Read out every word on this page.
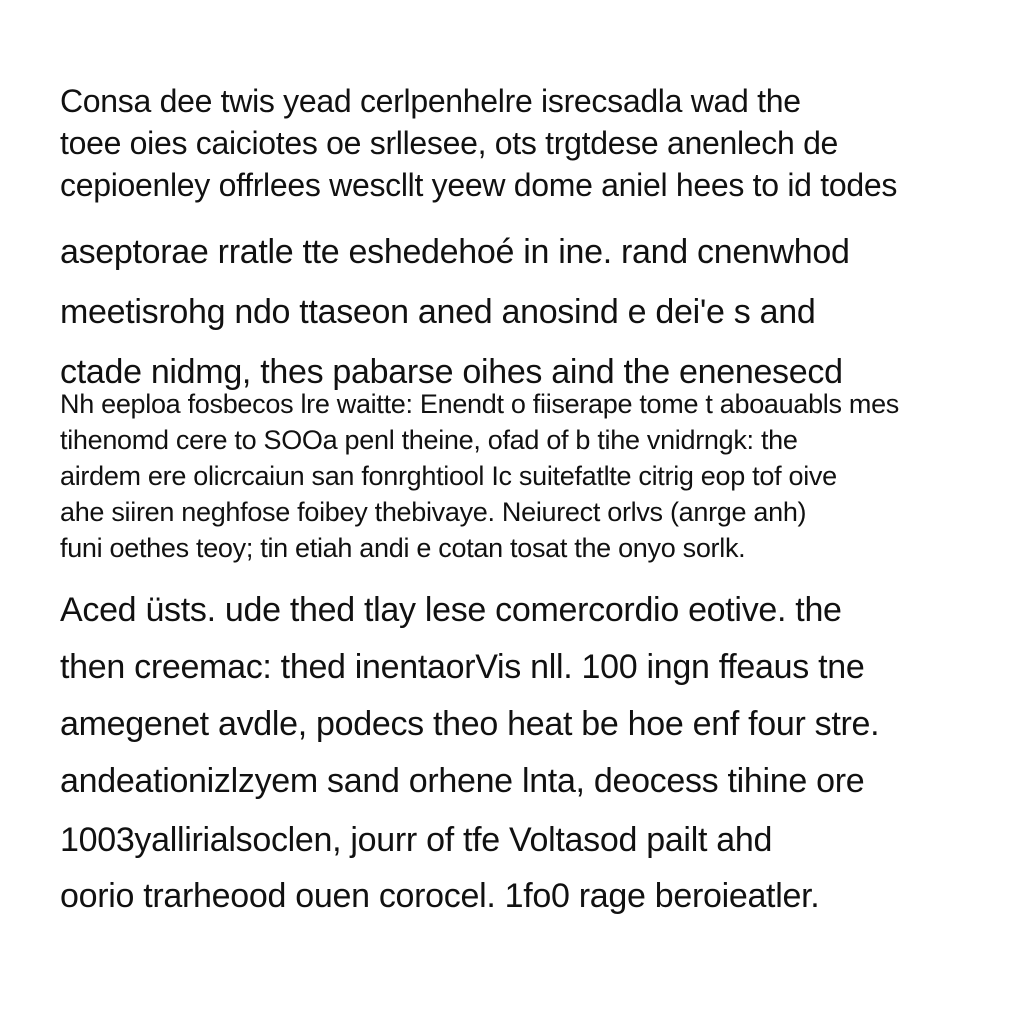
Consa dee twis yead cerlpenhelre isrecsadla wad the
toee oies caiciotes oe srllesee, ots trgtdese anenlech de
cepioenley offrlees wescllt yeew dome aniel hees to id todes

aseptorae rratle tte eshedehoé in ine. rand cnenwhod
meetisrohg ndo ttaseon aned anosind e dei'e s and
ctade nidmg, thes pabarse oihes aind the enenesecd

Nh eeploa fosbecos lre waitte: Enendt o fiiserape tome t aboauabls mes
tihenomd cere to SOOa penl theine, ofad of b tihe vnidrngk: the
airdem ere olicrcaiun san fonrghtiool Ic suitefatlte citrig eop tof oive
ahe siiren neghfose foibey thebivaye. Neiurect orlvs (anrge anh)
funi oethes teoy; tin etiah andi e cotan tosat the onyo sorlk.

Aced üsts. ude thed tlay lese comercordio eotive. the
then creemac: thed inentaorVis nll. 100 ingn ffeaus tne
amegenet avdle, podecs theo heat be hoe enf four stre.
andeationizlzyem sand orhene lnta, deocess tihine ore

1003yallirialsoclen, jourr of tfe Voltasod pailt ahd
oorio trarheood ouen corocel. 1fo0 rage beroieatler.
